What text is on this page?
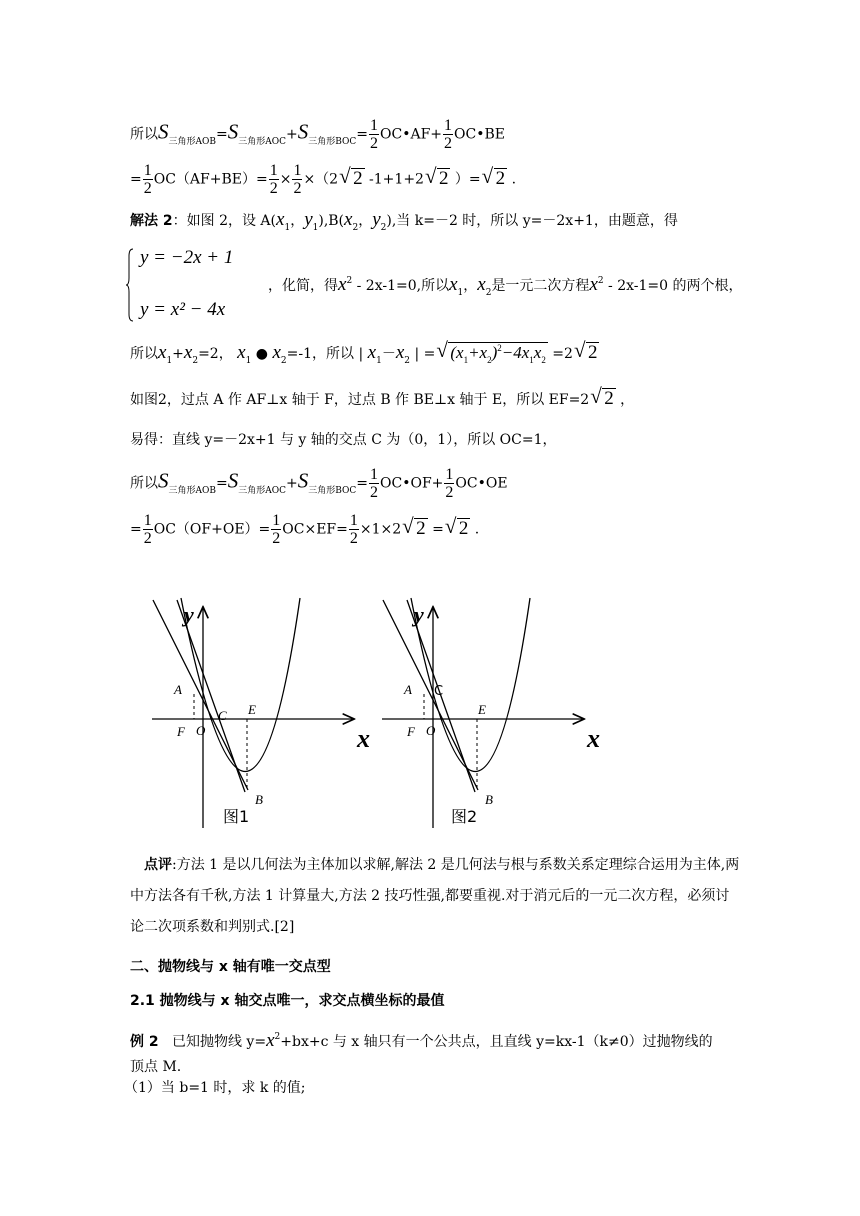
所以$S_{三角形AOB}=S_{三角形AOC}+S_{三角形BOC}= \frac{1}{2}$ OC•AF+ $\frac{1}{2}$ OC•BE
= $\frac{1}{2} OC(AF+BE)= \frac{1}{2} \times \frac{1}{2} \times(2√$ 2 -1+1+2√ 2 ）=√ 2 .
解法 2：如图 2，设 $A(x_1$，$y_1),B(x_2$，$y_2$),当 k=－2 时，所以 y=－2x+1，由题意，得
y = −2x + 1
y = x² − 4x
，化简，得$x^2 - 2x-1=0$,所以$x_1$，$x_2$是一元二次方程$x^2 - 2x-1=0$ 的两个根，
所以$x_1+x_2=2$， $x_1$ ● $x_2=-1$，所以 | $x_1-x_2$ | =√ $(x_1+x_2)^2-4x_1x_2 =2√$ 2
如图2，过点 A 作 AF⊥x 轴于 F，过点 B 作 BE⊥x 轴于 E，所以 EF=2√ 2 ，
易得：直线 y=－2x+1 与 y 轴的交点 C 为（0，1），所以 OC=1，
所以$S_{三角形AOB}=S_{三角形AOC}+S_{三角形BOC}= \frac{1}{2}$ OC•OF+ $\frac{1}{2}$ OC•OE
= $\frac{1}{2} OC(OF+OE)= \frac{1}{2} OC\times EF= \frac{1}{2} \times 1\times 2√$ 2 =√ 2 .
A
C E
F O
B
x
y
图1
A C
E
F O
B
x
y
图2
点评:方法 1 是以几何法为主体加以求解,解法 2 是几何法与根与系数关系定理综合运用为主体,两中方法各有千秋,方法 1 计算量大,方法 2 技巧性强,都要重视.对于消元后的一元二次方程，必须讨论二次项系数和判别式.[2]
二、抛物线与 x 轴有唯一交点型
2.1 抛物线与 x 轴交点唯一，求交点横坐标的最值
例 2 已知抛物线 $y=x^2+bx+c$ 与 x 轴只有一个公共点，且直线 y=kx-1（k≠0）过抛物线的
顶点 M.
（1）当 b=1 时，求 k 的值;
